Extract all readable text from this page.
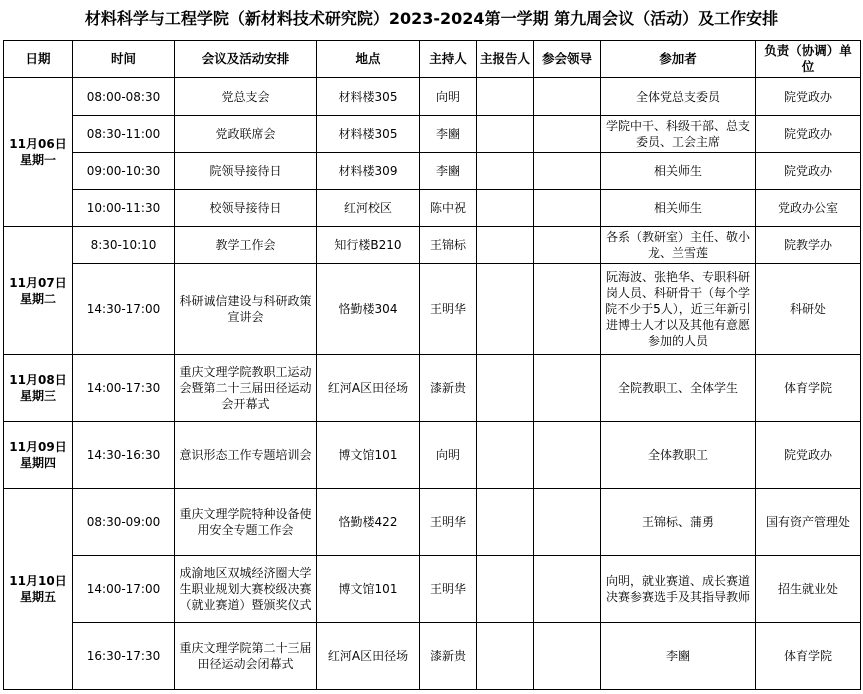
材料科学与工程学院（新材料技术研究院）2023-2024第一学期 第九周会议（活动）及工作安排
日期	时间	会议及活动安排	地点	主持人	主报告人	参会领导	参加者	负责（协调）单位

11月06日
星期一	08:00-08:30	党总支会	材料楼305	向明			全体党总支委员	院党政办
	08:30-11:00	党政联席会	材料楼305	李豳			学院中干、科级干部、总支委员、工会主席	院党政办
	09:00-10:30	院领导接待日	材料楼309	李豳			相关师生	院党政办
	10:00-11:30	校领导接待日	红河校区	陈中祝			相关师生	党政办公室

11月07日
星期二	8:30-10:10	教学工作会	知行楼B210	王锦标			各系（教研室）主任、敬小龙、兰雪莲	院教学办
	14:30-17:00	科研诚信建设与科研政策宣讲会	恪勤楼304	王明华			阮海波、张艳华、专职科研岗人员、科研骨干（每个学院不少于5人），近三年新引进博士人才以及其他有意愿参加的人员	科研处

11月08日
星期三	14:00-17:30	重庆文理学院教职工运动会暨第二十三届田径运动会开幕式	红河A区田径场	漆新贵			全院教职工、全体学生	体育学院

11月09日
星期四	14:30-16:30	意识形态工作专题培训会	博文馆101	向明			全体教职工	院党政办

11月10日
星期五	08:30-09:00	重庆文理学院特种设备使用安全专题工作会	恪勤楼422	王明华			王锦标、蒲勇	国有资产管理处
	14:00-17:00	成渝地区双城经济圈大学生职业规划大赛校级决赛（就业赛道）暨颁奖仪式	博文馆101	王明华			向明，就业赛道、成长赛道决赛参赛选手及其指导教师	招生就业处
	16:30-17:30	重庆文理学院第二十三届田径运动会闭幕式	红河A区田径场	漆新贵			李豳	体育学院
